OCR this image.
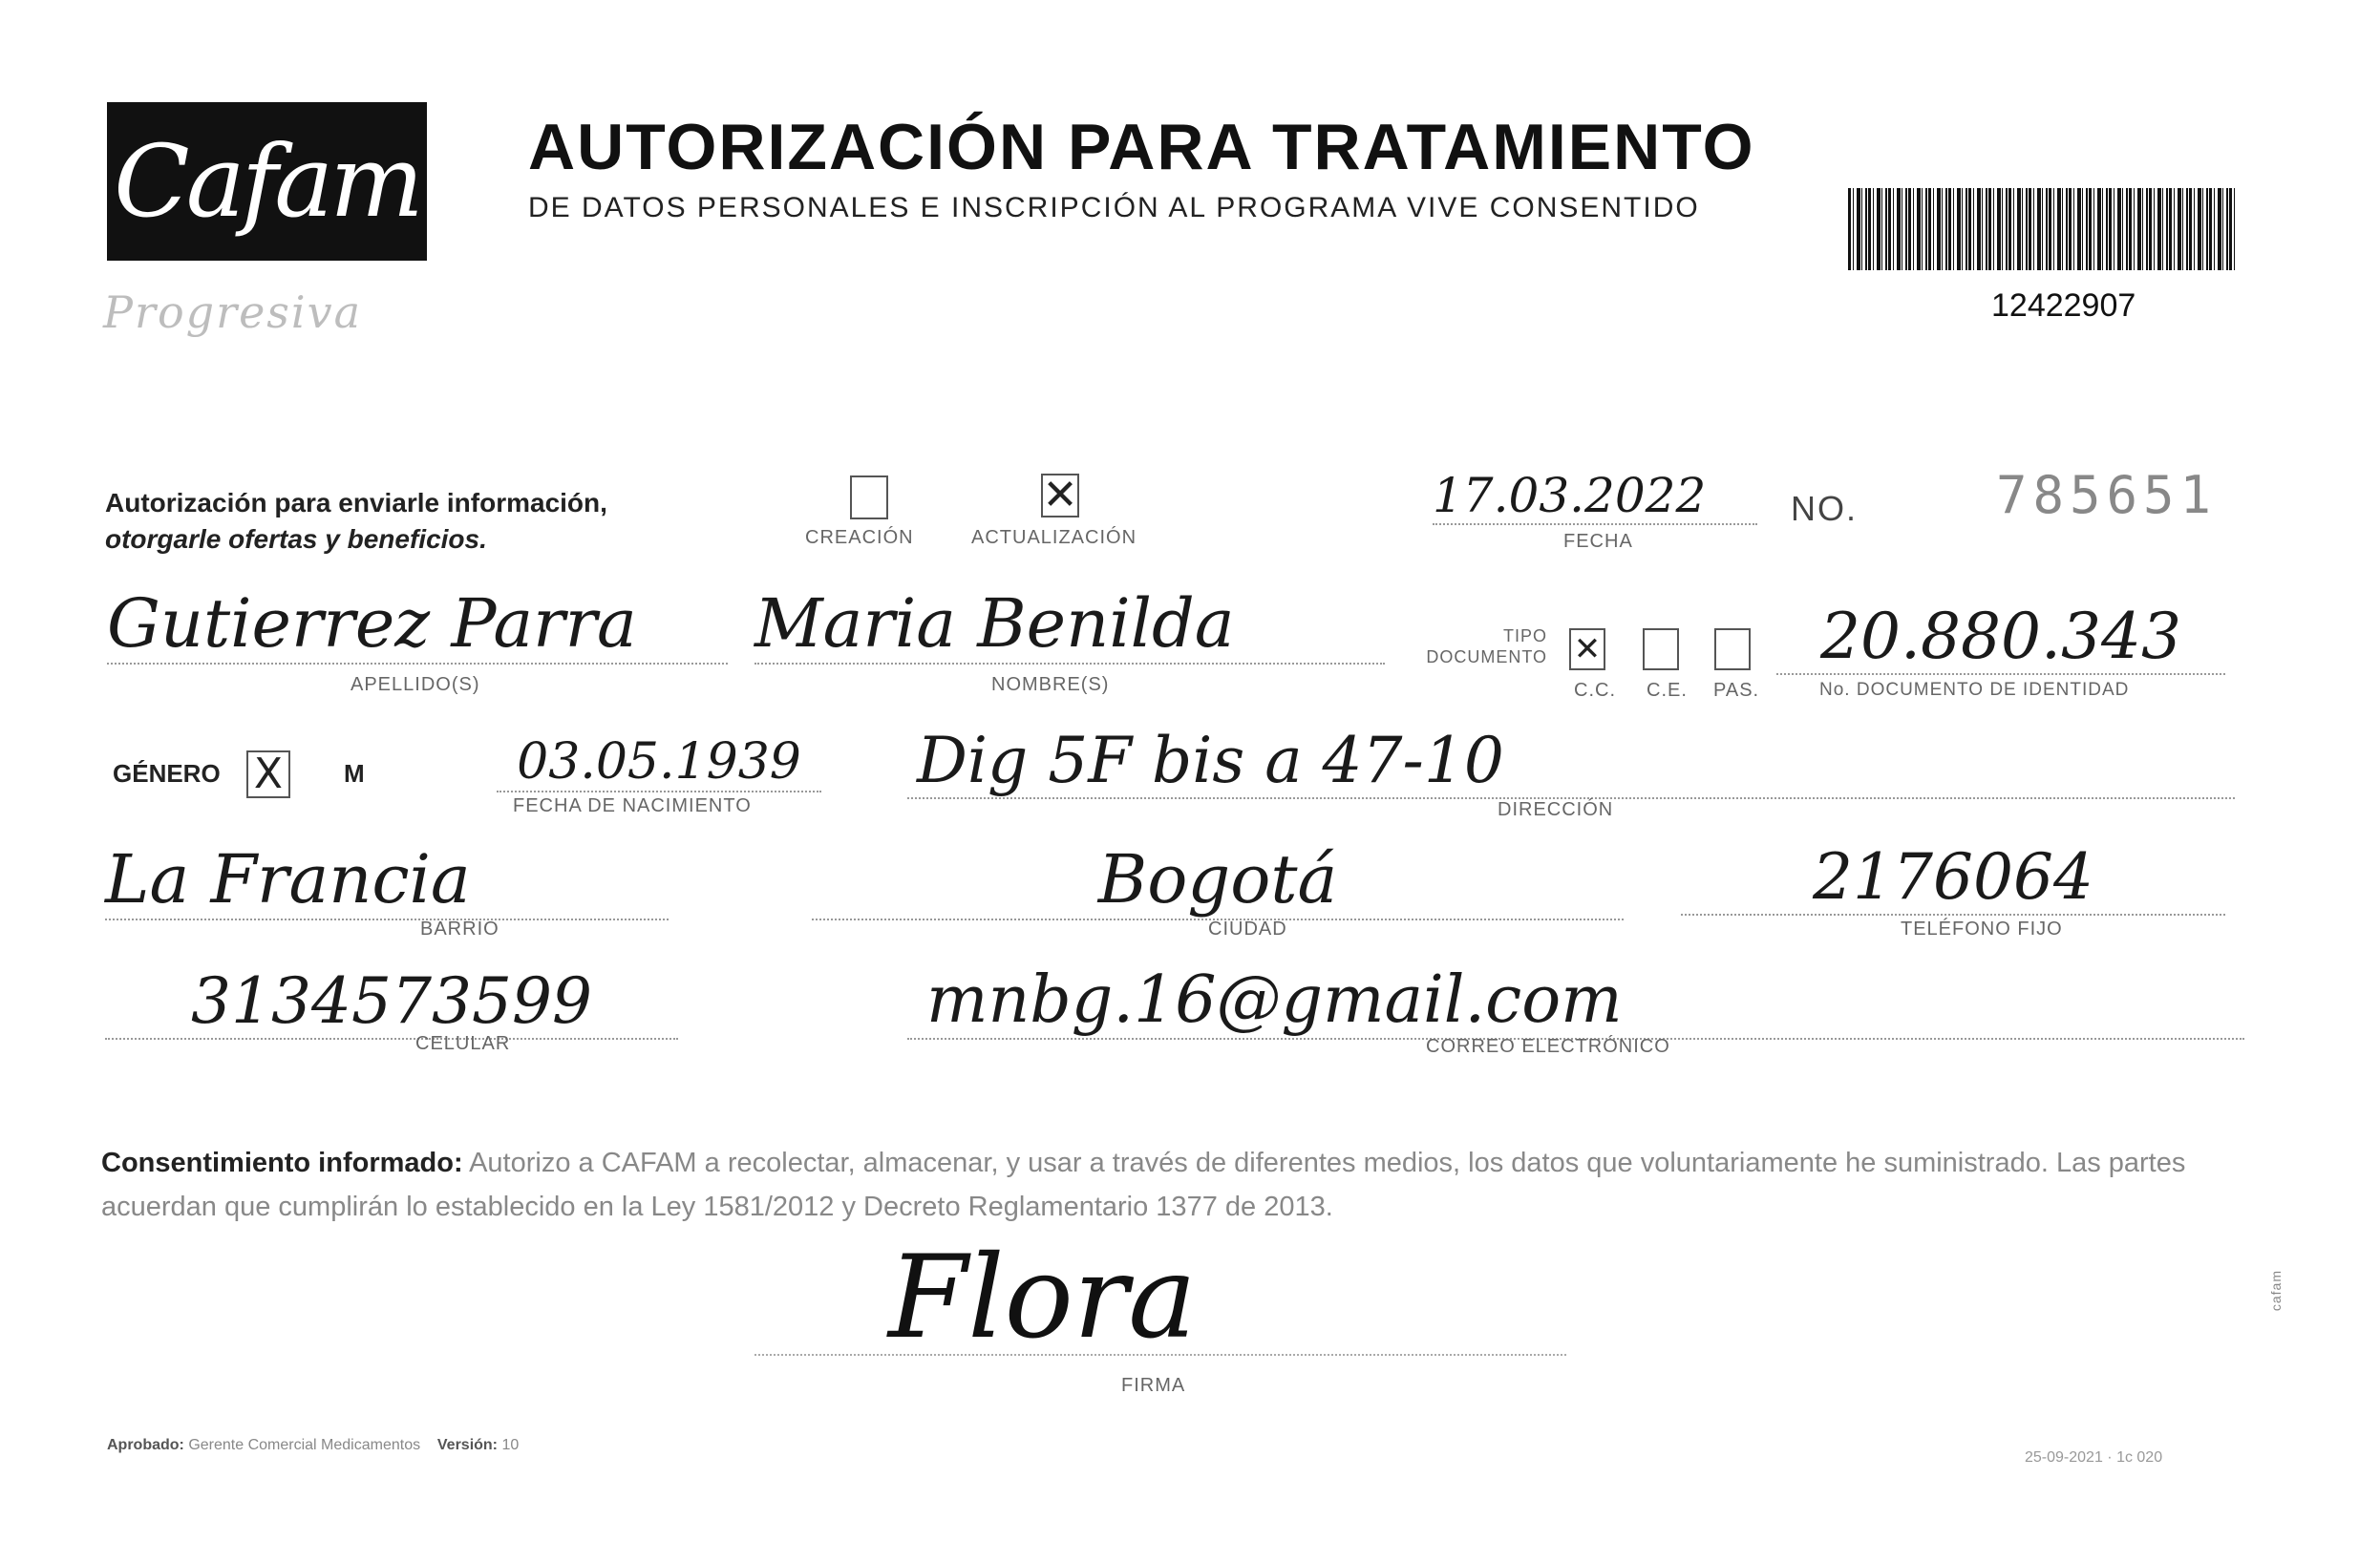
Cafam
Progresiva
AUTORIZACIÓN PARA TRATAMIENTO
DE DATOS PERSONALES E INSCRIPCIÓN AL PROGRAMA VIVE CONSENTIDO
12422907
Autorización para enviarle información,
otorgarle ofertas y beneficios.	CREACIÓN
✕
ACTUALIZACIÓN
17.03.2022
FECHA
NO.	785651
Gutierrez Parra
APELLIDO(S)
Maria Benilda
NOMBRE(S)
TIPO DOCUMENTO ✕
C.C. C.E. PAS.
20.880.343
No. DOCUMENTO DE IDENTIDAD
GÉNERO X M	03.05.1939
FECHA DE NACIMIENTO
Dig 5F bis a 47-10
DIRECCIÓN
La Francia
BARRIO
Bogotá
CIUDAD
2176064
TELÉFONO FIJO
3134573599
CELULAR
mnbg.16@gmail.com
CORREO ELECTRÓNICO
Consentimiento informado: Autorizo a CAFAM a recolectar, almacenar, y usar a través de diferentes medios, los datos que voluntariamente he suministrado. Las partes acuerdan que cumplirán lo establecido en la Ley 1581/2012 y Decreto Reglamentario 1377 de 2013.
Flora
FIRMA
Aprobado: Gerente Comercial Medicamentos Versión: 10
25-09-2021 · 1c 020
cafam
